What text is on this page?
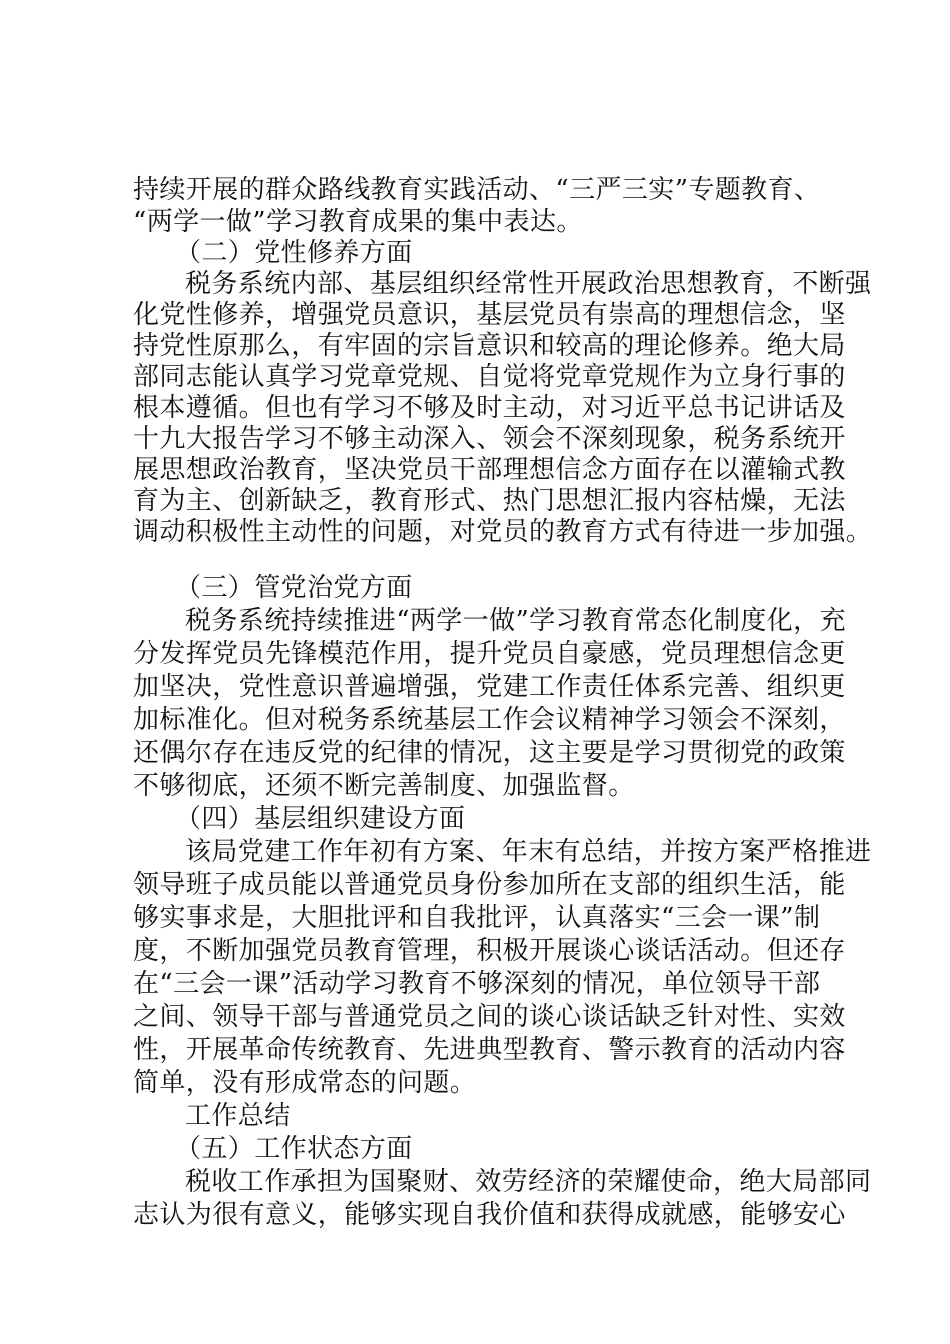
持续开展的群众路线教育实践活动、“三严三实”专题教育、
“两学一做”学习教育成果的集中表达。
（二）党性修养方面
税务系统内部、基层组织经常性开展政治思想教育，不断强
化党性修养，增强党员意识，基层党员有崇高的理想信念，坚
持党性原那么，有牢固的宗旨意识和较高的理论修养。绝大局
部同志能认真学习党章党规、自觉将党章党规作为立身行事的
根本遵循。但也有学习不够及时主动，对习近平总书记讲话及
十九大报告学习不够主动深入、领会不深刻现象，税务系统开
展思想政治教育，坚决党员干部理想信念方面存在以灌输式教
育为主、创新缺乏，教育形式、热门思想汇报内容枯燥，无法
调动积极性主动性的问题，对党员的教育方式有待进一步加强。
（三）管党治党方面
税务系统持续推进“两学一做”学习教育常态化制度化，充
分发挥党员先锋模范作用，提升党员自豪感，党员理想信念更
加坚决，党性意识普遍增强，党建工作责任体系完善、组织更
加标准化。但对税务系统基层工作会议精神学习领会不深刻，
还偶尔存在违反党的纪律的情况，这主要是学习贯彻党的政策
不够彻底，还须不断完善制度、加强监督。
（四）基层组织建设方面
该局党建工作年初有方案、年末有总结，并按方案严格推进
领导班子成员能以普通党员身份参加所在支部的组织生活，能
够实事求是，大胆批评和自我批评，认真落实“三会一课”制
度，不断加强党员教育管理，积极开展谈心谈话活动。但还存
在“三会一课”活动学习教育不够深刻的情况，单位领导干部
之间、领导干部与普通党员之间的谈心谈话缺乏针对性、实效
性，开展革命传统教育、先进典型教育、警示教育的活动内容
简单，没有形成常态的问题。
工作总结
（五）工作状态方面
税收工作承担为国聚财、效劳经济的荣耀使命，绝大局部同
志认为很有意义，能够实现自我价值和获得成就感，能够安心
